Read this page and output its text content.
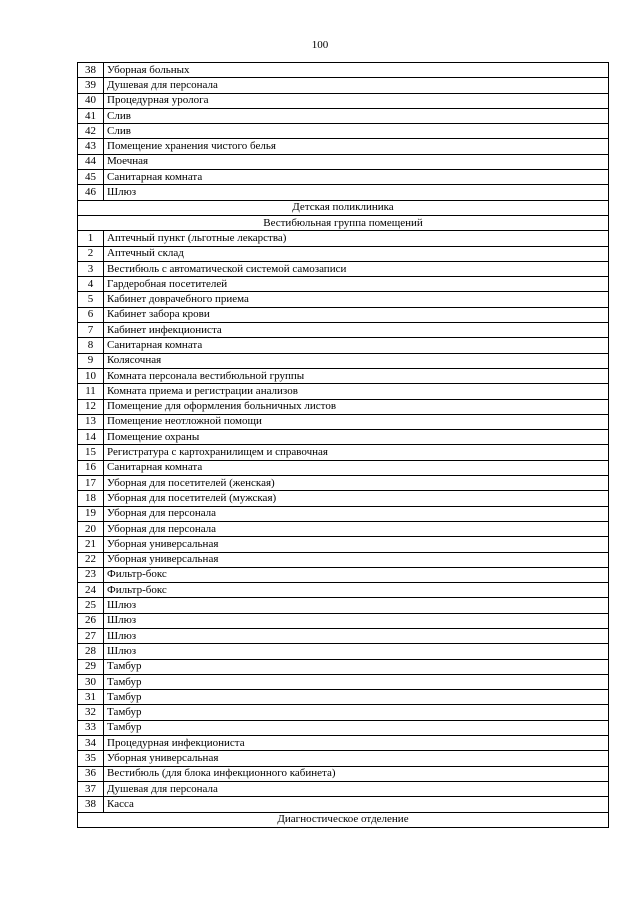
100
38	Уборная больных
39	Душевая для персонала
40	Процедурная уролога
41	Слив
42	Слив
43	Помещение хранения чистого белья
44	Моечная
45	Санитарная комната
46	Шлюз
Детская поликлиника	
Вестибюльная группа помещений	
1	Аптечный пункт (льготные лекарства)
2	Аптечный склад
3	Вестибюль с автоматической системой самозаписи
4	Гардеробная посетителей
5	Кабинет доврачебного приема
6	Кабинет забора крови
7	Кабинет инфекциониста
8	Санитарная комната
9	Колясочная
10	Комната персонала вестибюльной группы
11	Комната приема и регистрации анализов
12	Помещение для оформления больничных листов
13	Помещение неотложной помощи
14	Помещение охраны
15	Регистратура с картохранилищем и справочная
16	Санитарная комната
17	Уборная для посетителей (женская)
18	Уборная для посетителей (мужская)
19	Уборная для персонала
20	Уборная для персонала
21	Уборная универсальная
22	Уборная универсальная
23	Фильтр-бокс
24	Фильтр-бокс
25	Шлюз
26	Шлюз
27	Шлюз
28	Шлюз
29	Тамбур
30	Тамбур
31	Тамбур
32	Тамбур
33	Тамбур
34	Процедурная инфекциониста
35	Уборная универсальная
36	Вестибюль (для блока инфекционного кабинета)
37	Душевая для персонала
38	Касса
Диагностическое отделение	
